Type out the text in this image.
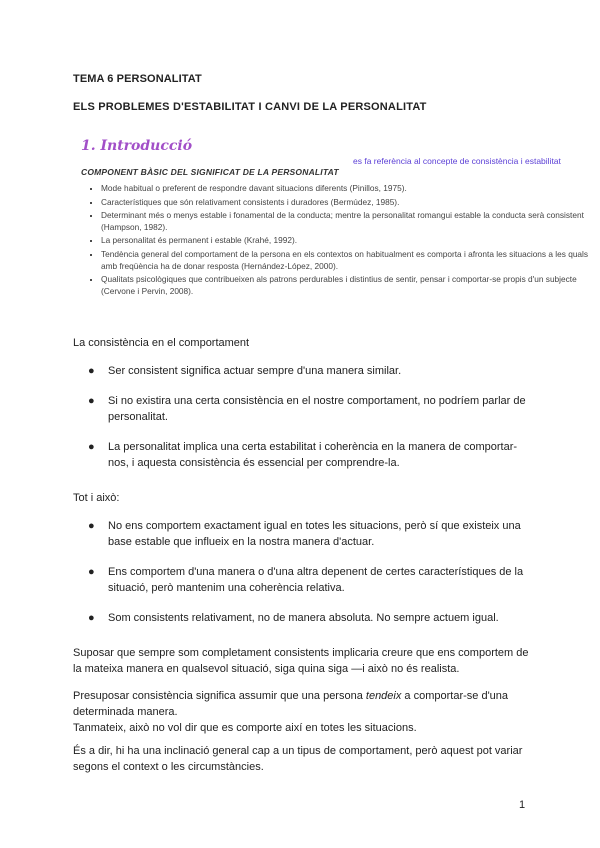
TEMA 6 PERSONALITAT
ELS PROBLEMES D'ESTABILITAT I CANVI DE LA PERSONALITAT
1. Introducció
es fa referència al concepte de consistència i estabilitat
COMPONENT BÀSIC DEL SIGNIFICAT DE LA PERSONALITAT
• Mode habitual o preferent de respondre davant situacions diferents (Pinillos, 1975).
• Característiques que són relativament consistents i duradores (Bermúdez, 1985).
• Determinant més o menys estable i fonamental de la conducta; mentre la personalitat romangui estable la conducta serà consistent (Hampson, 1982).
• La personalitat és permanent i estable (Krahé, 1992).
• Tendència general del comportament de la persona en els contextos on habitualment es comporta i afronta les situacions a les quals amb freqüència ha de donar resposta (Hernández-López, 2000).
• Qualitats psicològiques que contribueixen als patrons perdurables i distintius de sentir, pensar i comportar-se propis d'un subjecte (Cervone i Pervin, 2008).
La consistència en el comportament
● Ser consistent significa actuar sempre d'una manera similar.
● Si no existira una certa consistència en el nostre comportament, no podríem parlar de personalitat.
● La personalitat implica una certa estabilitat i coherència en la manera de comportar-nos, i aquesta consistència és essencial per comprendre-la.
Tot i això:
● No ens comportem exactament igual en totes les situacions, però sí que existeix una base estable que influeix en la nostra manera d'actuar.
● Ens comportem d'una manera o d'una altra depenent de certes característiques de la situació, però mantenim una coherència relativa.
● Som consistents relativament, no de manera absoluta. No sempre actuem igual.
Suposar que sempre som completament consistents implicaria creure que ens comportem de la mateixa manera en qualsevol situació, siga quina siga —i això no és realista.
Presuposar consistència significa assumir que una persona tendeix a comportar-se d'una determinada manera.
Tanmateix, això no vol dir que es comporte així en totes les situacions.
És a dir, hi ha una inclinació general cap a un tipus de comportament, però aquest pot variar segons el context o les circumstàncies.
1
